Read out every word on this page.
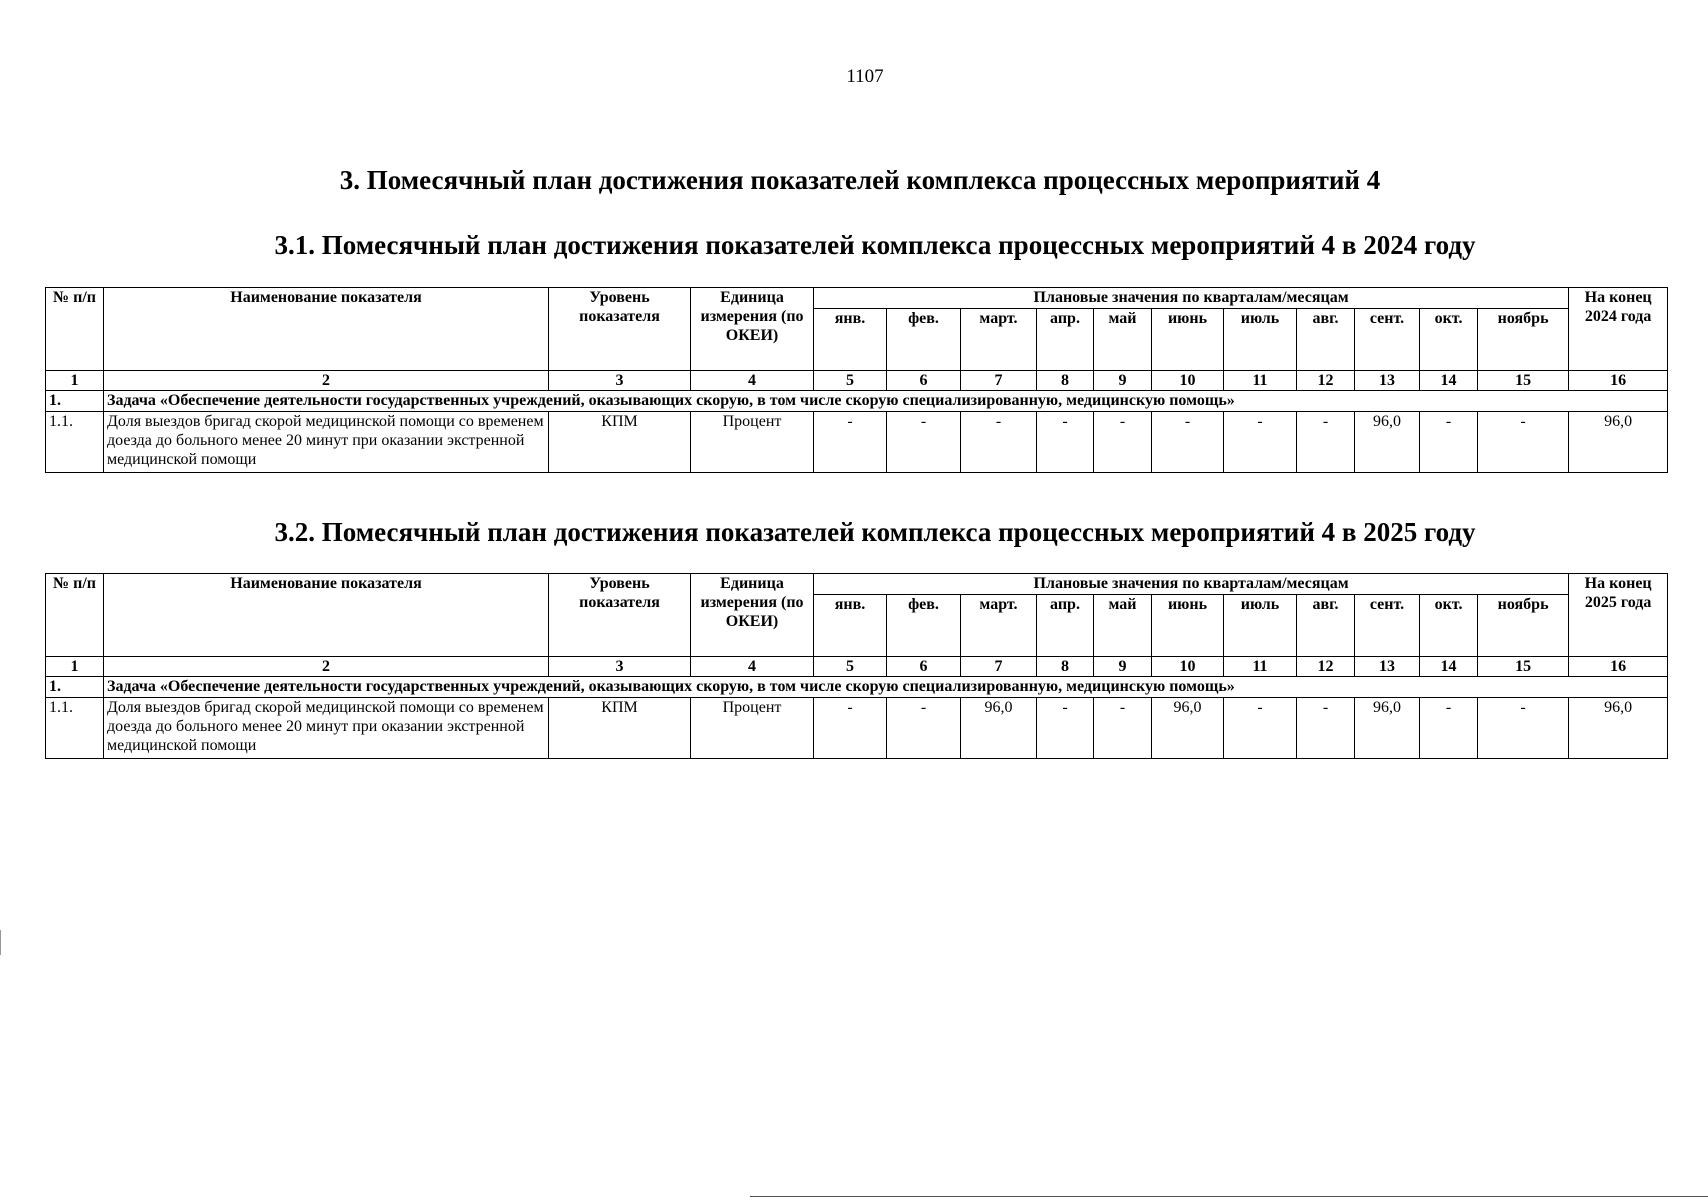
1107
3. Помесячный план достижения показателей комплекса процессных мероприятий 4
3.1. Помесячный план достижения показателей комплекса процессных мероприятий 4 в 2024 году
3.2. Помесячный план достижения показателей комплекса процессных мероприятий 4 в 2025 году
№ п/п	Наименование показателя	Уровень показателя	Единица измерения (по ОКЕИ)	Плановые значения по кварталам/месяцам											На конец 2024 года
				янв.	фев.	март.	апр.	май	июнь	июль	авг.	сент.	окт.	ноябрь	
1	2	3	4	5	6	7	8	9	10	11	12	13	14	15	16
1.	Задача «Обеспечение деятельности государственных учреждений, оказывающих скорую, в том числе скорую специализированную, медицинскую помощь»														
1.1.	Доля выездов бригад скорой медицинской помощи со временем доезда до больного менее 20 минут при оказании экстренной медицинской помощи	КПМ	Процент	-	-	-	-	-	-	-	-	96,0	-	-	96,0
№ п/п	Наименование показателя	Уровень показателя	Единица измерения (по ОКЕИ)	Плановые значения по кварталам/месяцам											На конец 2025 года
				янв.	фев.	март.	апр.	май	июнь	июль	авг.	сент.	окт.	ноябрь	
1	2	3	4	5	6	7	8	9	10	11	12	13	14	15	16
1.	Задача «Обеспечение деятельности государственных учреждений, оказывающих скорую, в том числе скорую специализированную, медицинскую помощь»														
1.1.	Доля выездов бригад скорой медицинской помощи со временем доезда до больного менее 20 минут при оказании экстренной медицинской помощи	КПМ	Процент	-	-	96,0	-	-	96,0	-	-	96,0	-	-	96,0
